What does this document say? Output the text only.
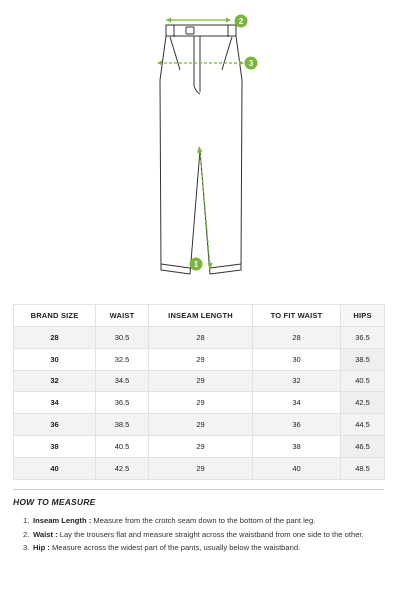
2
3
1
BRAND SIZE	WAIST	INSEAM LENGTH	TO FIT WAIST	HIPS
28	30.5	28	28	36.5
30	32.5	29	30	38.5
32	34.5	29	32	40.5
34	36.5	29	34	42.5
36	38.5	29	36	44.5
38	40.5	29	38	46.5
40	42.5	29	40	48.5
HOW TO MEASURE
1. Inseam Length : Measure from the crotch seam down to the bottom of the pant leg.
2. Waist : Lay the trousers flat and measure straight across the waistband from one side to the other.
3. Hip : Measure across the widest part of the pants, usually below the waistband.
